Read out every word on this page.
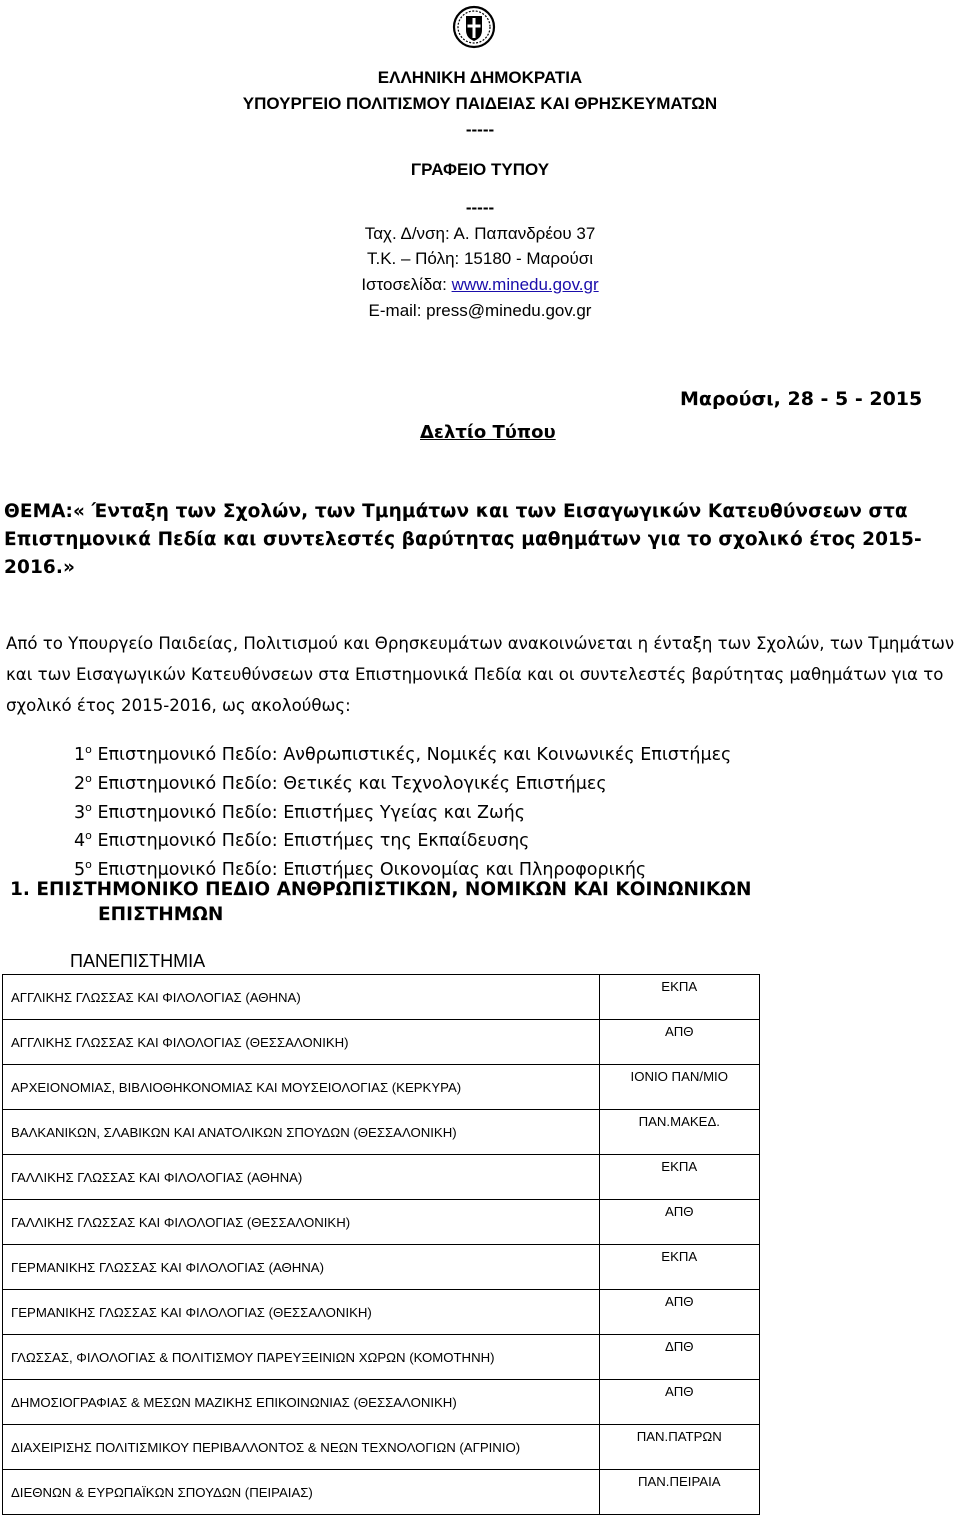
ΕΛΛΗΝΙΚΗ ΔΗΜΟΚΡΑΤΙΑ
ΥΠΟΥΡΓΕΙΟ ΠΟΛΙΤΙΣΜΟΥ ΠΑΙΔΕΙΑΣ ΚΑΙ ΘΡΗΣΚΕΥΜΑΤΩΝ
-----
ΓΡΑΦΕΙΟ ΤΥΠΟΥ
-----
Ταχ. Δ/νση: Α. Παπανδρέου 37
Τ.Κ. – Πόλη: 15180 - Μαρούσι
Ιστοσελίδα: www.minedu.gov.gr
E-mail: press@minedu.gov.gr
Μαρούσι, 28 - 5 - 2015
Δελτίο Τύπου
ΘΕΜΑ:« Ένταξη των Σχολών, των Τμημάτων και των Εισαγωγικών Κατευθύνσεων στα Επιστημονικά Πεδία και συντελεστές βαρύτητας μαθημάτων για το σχολικό έτος 2015-2016.»
Από το Υπουργείο Παιδείας, Πολιτισμού και Θρησκευμάτων ανακοινώνεται η ένταξη των Σχολών, των Τμημάτων και των Εισαγωγικών Κατευθύνσεων στα Επιστημονικά Πεδία και οι συντελεστές βαρύτητας μαθημάτων για το σχολικό έτος 2015-2016, ως ακολούθως:
$1^o$ Επιστημονικό Πεδίο: Ανθρωπιστικές, Νομικές και Κοινωνικές Επιστήμες
$2^o$ Επιστημονικό Πεδίο: Θετικές και Τεχνολογικές Επιστήμες
$3^o$ Επιστημονικό Πεδίο: Επιστήμες Υγείας και Ζωής
$4^o$ Επιστημονικό Πεδίο: Επιστήμες της Εκπαίδευσης
$5^o$ Επιστημονικό Πεδίο: Επιστήμες Οικονομίας και Πληροφορικής
1. ΕΠΙΣΤΗΜΟΝΙΚΟ ΠΕΔΙΟ ΑΝΘΡΩΠΙΣΤΙΚΩΝ, ΝΟΜΙΚΩΝ ΚΑΙ ΚΟΙΝΩΝΙΚΩΝ
ΕΠΙΣΤΗΜΩΝ
ΠΑΝΕΠΙΣΤΗΜΙΑ
ΑΓΓΛΙΚΗΣ ΓΛΩΣΣΑΣ ΚΑΙ ΦΙΛΟΛΟΓΙΑΣ (ΑΘΗΝΑ)	ΕΚΠΑ
ΑΓΓΛΙΚΗΣ ΓΛΩΣΣΑΣ ΚΑΙ ΦΙΛΟΛΟΓΙΑΣ (ΘΕΣΣΑΛΟΝΙΚΗ)	ΑΠΘ
ΑΡΧΕΙΟΝΟΜΙΑΣ, ΒΙΒΛΙΟΘΗΚΟΝΟΜΙΑΣ ΚΑΙ ΜΟΥΣΕΙΟΛΟΓΙΑΣ (ΚΕΡΚΥΡΑ)	ΙΟΝΙΟ ΠΑΝ/ΜΙΟ
ΒΑΛΚΑΝΙΚΩΝ, ΣΛΑΒΙΚΩΝ ΚΑΙ ΑΝΑΤΟΛΙΚΩΝ ΣΠΟΥΔΩΝ (ΘΕΣΣΑΛΟΝΙΚΗ)	ΠΑΝ.ΜΑΚΕΔ.
ΓΑΛΛΙΚΗΣ ΓΛΩΣΣΑΣ ΚΑΙ ΦΙΛΟΛΟΓΙΑΣ (ΑΘΗΝΑ)	ΕΚΠΑ
ΓΑΛΛΙΚΗΣ ΓΛΩΣΣΑΣ ΚΑΙ ΦΙΛΟΛΟΓΙΑΣ (ΘΕΣΣΑΛΟΝΙΚΗ)	ΑΠΘ
ΓΕΡΜΑΝΙΚΗΣ ΓΛΩΣΣΑΣ ΚΑΙ ΦΙΛΟΛΟΓΙΑΣ (ΑΘΗΝΑ)	ΕΚΠΑ
ΓΕΡΜΑΝΙΚΗΣ ΓΛΩΣΣΑΣ ΚΑΙ ΦΙΛΟΛΟΓΙΑΣ (ΘΕΣΣΑΛΟΝΙΚΗ)	ΑΠΘ
ΓΛΩΣΣΑΣ, ΦΙΛΟΛΟΓΙΑΣ & ΠΟΛΙΤΙΣΜΟΥ ΠΑΡΕΥΞΕΙΝΙΩΝ ΧΩΡΩΝ (ΚΟΜΟΤΗΝΗ)	ΔΠΘ
ΔΗΜΟΣΙΟΓΡΑΦΙΑΣ & ΜΕΣΩΝ ΜΑΖΙΚΗΣ ΕΠΙΚΟΙΝΩΝΙΑΣ (ΘΕΣΣΑΛΟΝΙΚΗ)	ΑΠΘ
ΔΙΑΧΕΙΡΙΣΗΣ ΠΟΛΙΤΙΣΜΙΚΟΥ ΠΕΡΙΒΑΛΛΟΝΤΟΣ & ΝΕΩΝ ΤΕΧΝΟΛΟΓΙΩΝ (ΑΓΡΙΝΙΟ)	ΠΑΝ.ΠΑΤΡΩΝ
ΔΙΕΘΝΩΝ & ΕΥΡΩΠΑΪΚΩΝ ΣΠΟΥΔΩΝ (ΠΕΙΡΑΙΑΣ)	ΠΑΝ.ΠΕΙΡΑΙΑ
